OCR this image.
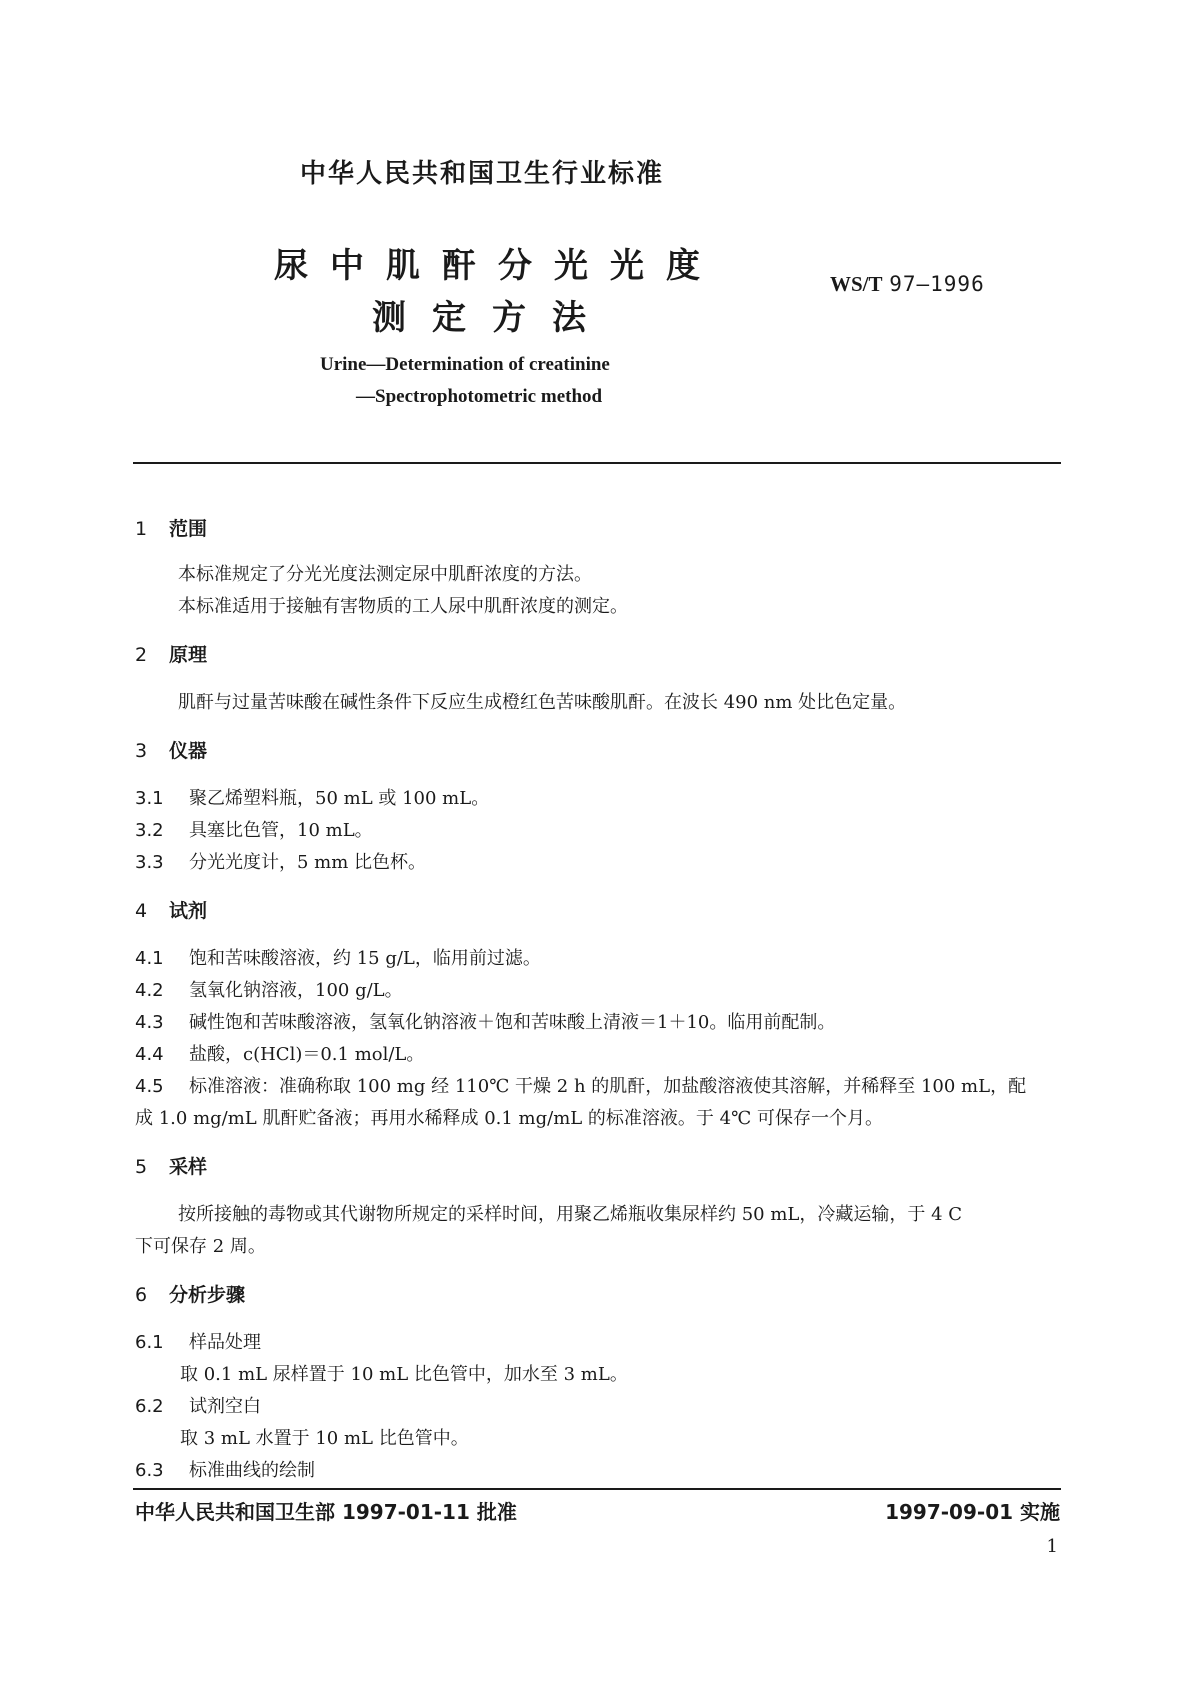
中华人民共和国卫生行业标准
尿中肌酐分光光度
测定方法
WS/T 97—1996
Urine—Determination of creatinine
—Spectrophotometric method
1 范围
本标准规定了分光光度法测定尿中肌酐浓度的方法。
本标准适用于接触有害物质的工人尿中肌酐浓度的测定。
2 原理
肌酐与过量苦味酸在碱性条件下反应生成橙红色苦味酸肌酐。在波长 490 nm 处比色定量。
3 仪器
3.1 聚乙烯塑料瓶，50 mL 或 100 mL。
3.2 具塞比色管，10 mL。
3.3 分光光度计，5 mm 比色杯。
4 试剂
4.1 饱和苦味酸溶液，约 15 g/L，临用前过滤。
4.2 氢氧化钠溶液，100 g/L。
4.3 碱性饱和苦味酸溶液，氢氧化钠溶液＋饱和苦味酸上清液＝1＋10。临用前配制。
4.4 盐酸，c(HCl)＝0.1 mol/L。
4.5 标准溶液：准确称取 100 mg 经 110℃ 干燥 2 h 的肌酐，加盐酸溶液使其溶解，并稀释至 100 mL，配
成 1.0 mg/mL 肌酐贮备液；再用水稀释成 0.1 mg/mL 的标准溶液。于 4℃ 可保存一个月。
5 采样
按所接触的毒物或其代谢物所规定的采样时间，用聚乙烯瓶收集尿样约 50 mL，冷藏运输，于 4 C
下可保存 2 周。
6 分析步骤
6.1 样品处理
取 0.1 mL 尿样置于 10 mL 比色管中，加水至 3 mL。
6.2 试剂空白
取 3 mL 水置于 10 mL 比色管中。
6.3 标准曲线的绘制
中华人民共和国卫生部 1997-01-11 批准	1997-09-01 实施
1
